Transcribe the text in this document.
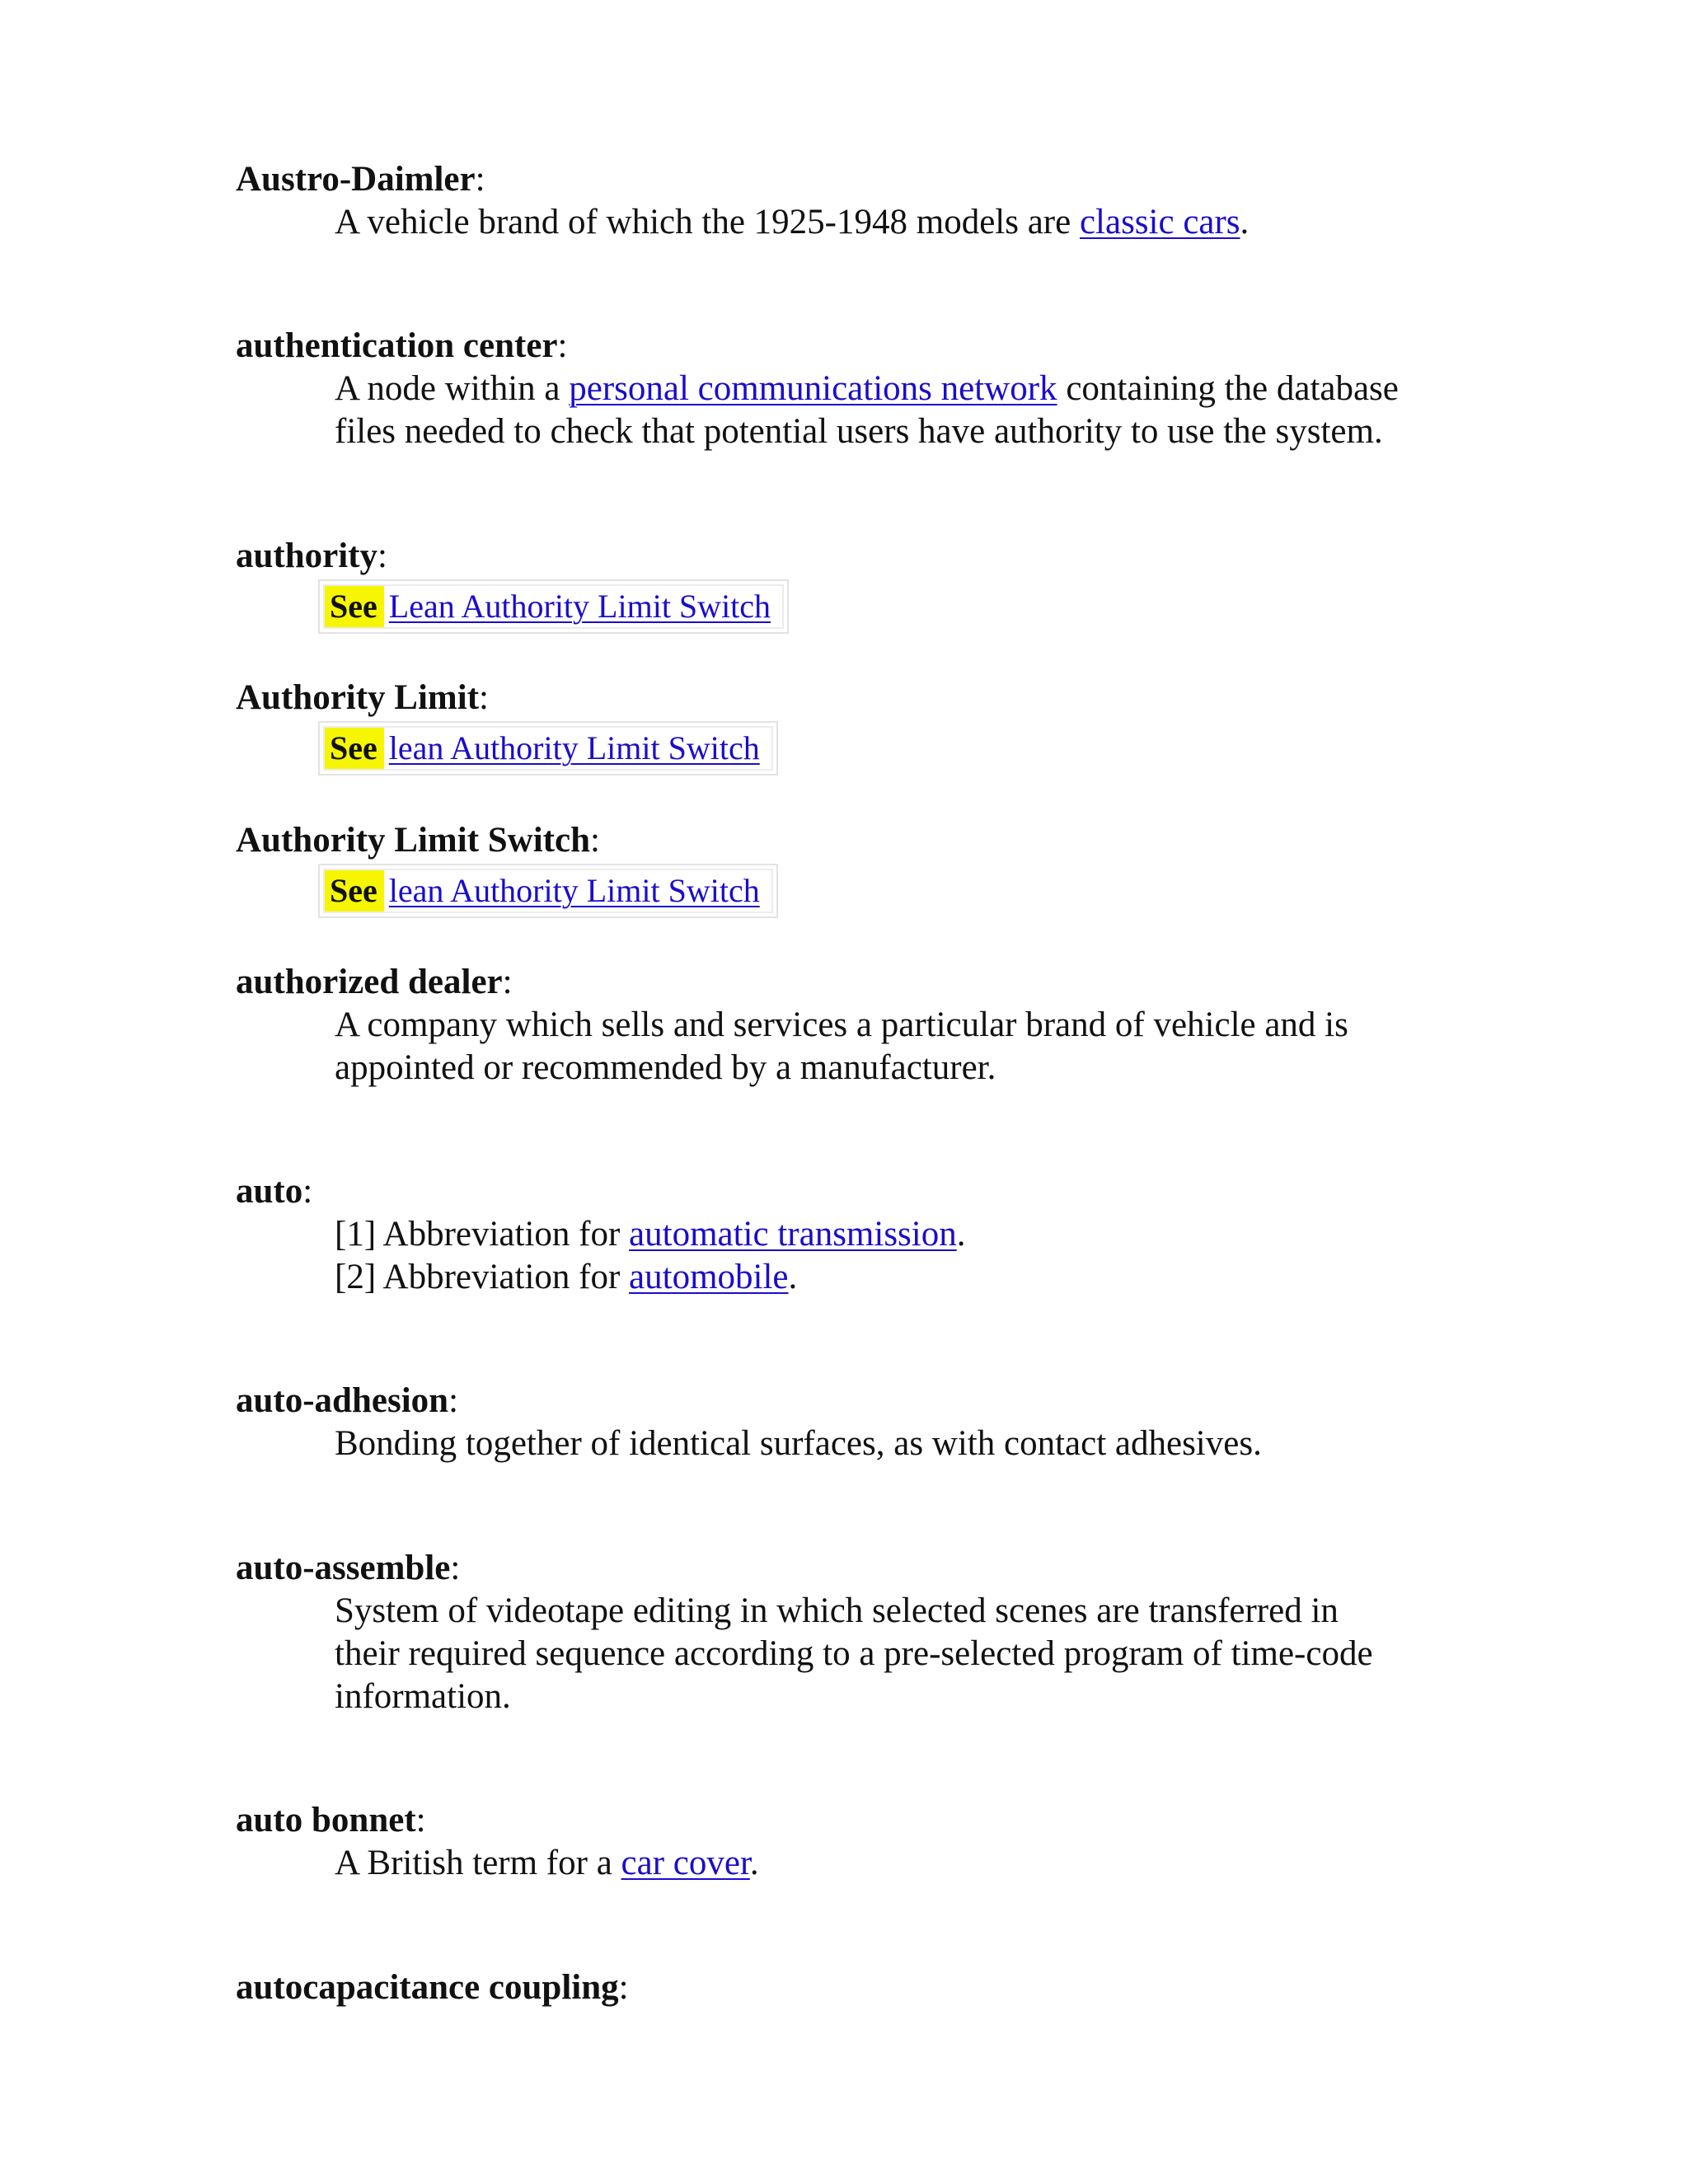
Austro-Daimler:
A vehicle brand of which the 1925-1948 models are classic cars.
authentication center:
A node within a personal communications network containing the database
files needed to check that potential users have authority to use the system.
authority:
See Lean Authority Limit Switch
Authority Limit:
See lean Authority Limit Switch
Authority Limit Switch:
See lean Authority Limit Switch
authorized dealer:
A company which sells and services a particular brand of vehicle and is
appointed or recommended by a manufacturer.
auto:
[1] Abbreviation for automatic transmission.
[2] Abbreviation for automobile.
auto-adhesion:
Bonding together of identical surfaces, as with contact adhesives.
auto-assemble:
System of videotape editing in which selected scenes are transferred in
their required sequence according to a pre-selected program of time-code
information.
auto bonnet:
A British term for a car cover.
autocapacitance coupling:
